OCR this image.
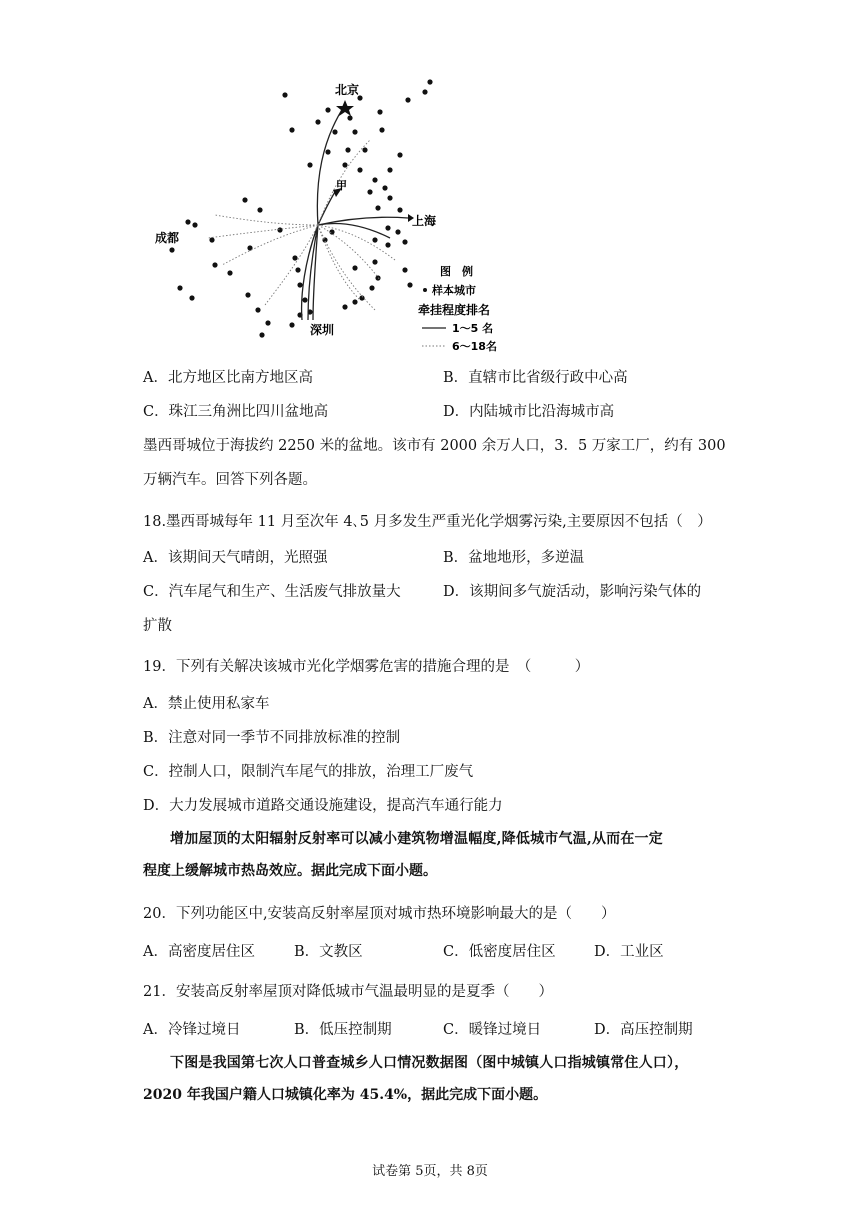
北京
甲
上海
成都
深圳
图　例
样本城市
牵挂程度排名
1～5 名
6～18名
A．北方地区比南方地区高	B．直辖市比省级行政中心高
C．珠江三角洲比四川盆地高	D．内陆城市比沿海城市高
墨西哥城位于海拔约 2250 米的盆地。该市有 2000 余万人口，3．5 万家工厂，约有 300
万辆汽车。回答下列各题。
18.墨西哥城每年 11 月至次年 4､5 月多发生严重光化学烟雾污染,主要原因不包括（　）
A．该期间天气晴朗，光照强	B．盆地地形，多逆温
C．汽车尾气和生产、生活废气排放量大	D．该期间多气旋活动，影响污染气体的
扩散
19．下列有关解决该城市光化学烟雾危害的措施合理的是　（　　　）
A．禁止使用私家车
B．注意对同一季节不同排放标准的控制
C．控制人口，限制汽车尾气的排放，治理工厂废气
D．大力发展城市道路交通设施建设，提高汽车通行能力
增加屋顶的太阳辐射反射率可以减小建筑物增温幅度,降低城市气温,从而在一定
程度上缓解城市热岛效应。据此完成下面小题。
20．下列功能区中,安装高反射率屋顶对城市热环境影响最大的是（　　）
A．高密度居住区	B．文教区	C．低密度居住区	D．工业区
21．安装高反射率屋顶对降低城市气温最明显的是夏季（　　）
A．冷锋过境日	B．低压控制期	C．暖锋过境日	D．高压控制期
下图是我国第七次人口普查城乡人口情况数据图（图中城镇人口指城镇常住人口），
2020 年我国户籍人口城镇化率为 45.4%，据此完成下面小题。
试卷第 5页，共 8页
